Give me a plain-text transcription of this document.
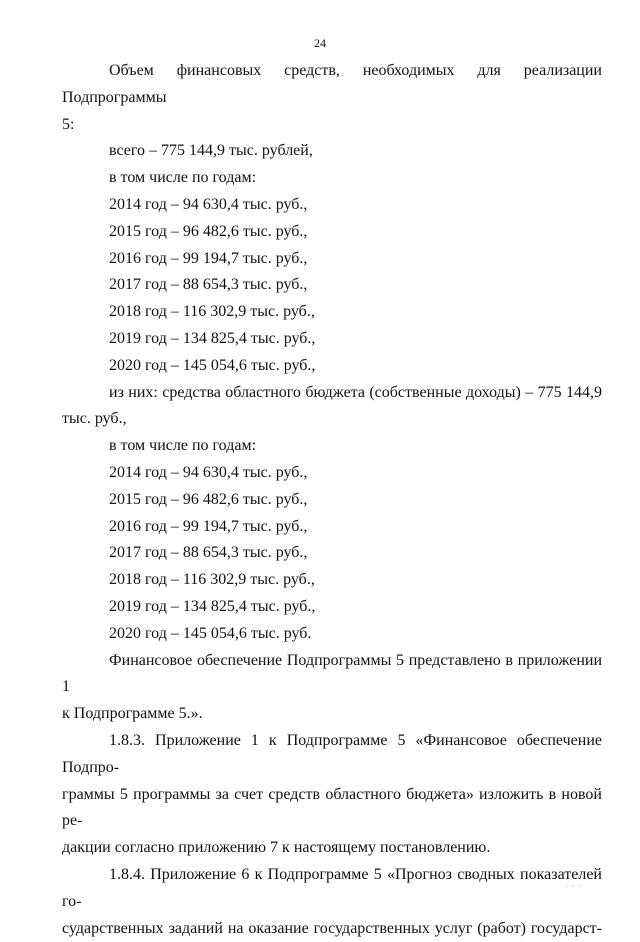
24

Объем финансовых средств, необходимых для реализации Подпрограммы

5:

всего – 775 144,9 тыс. рублей,

в том числе по годам:

2014 год – 94 630,4 тыс. руб.,

2015 год – 96 482,6 тыс. руб.,

2016 год – 99 194,7 тыс. руб.,

2017 год – 88 654,3 тыс. руб.,

2018 год – 116 302,9 тыс. руб.,

2019 год – 134 825,4 тыс. руб.,

2020 год – 145 054,6 тыс. руб.,

из них: средства областного бюджета (собственные доходы) – 775 144,9

тыс. руб.,

в том числе по годам:

2014 год – 94 630,4 тыс. руб.,

2015 год – 96 482,6 тыс. руб.,

2016 год – 99 194,7 тыс. руб.,

2017 год – 88 654,3 тыс. руб.,

2018 год – 116 302,9 тыс. руб.,

2019 год – 134 825,4 тыс. руб.,

2020 год – 145 054,6 тыс. руб.

Финансовое обеспечение Подпрограммы 5 представлено в приложении 1

к Подпрограмме 5.».

1.8.3. Приложение 1 к Подпрограмме 5 «Финансовое обеспечение Подпро-

граммы 5 программы за счет средств областного бюджета» изложить в новой ре-

дакции согласно приложению 7 к настоящему постановлению.

1.8.4. Приложение 6 к Подпрограмме 5 «Прогноз сводных показателей го-

сударственных заданий на оказание государственных услуг (работ) государст-

· · ·
